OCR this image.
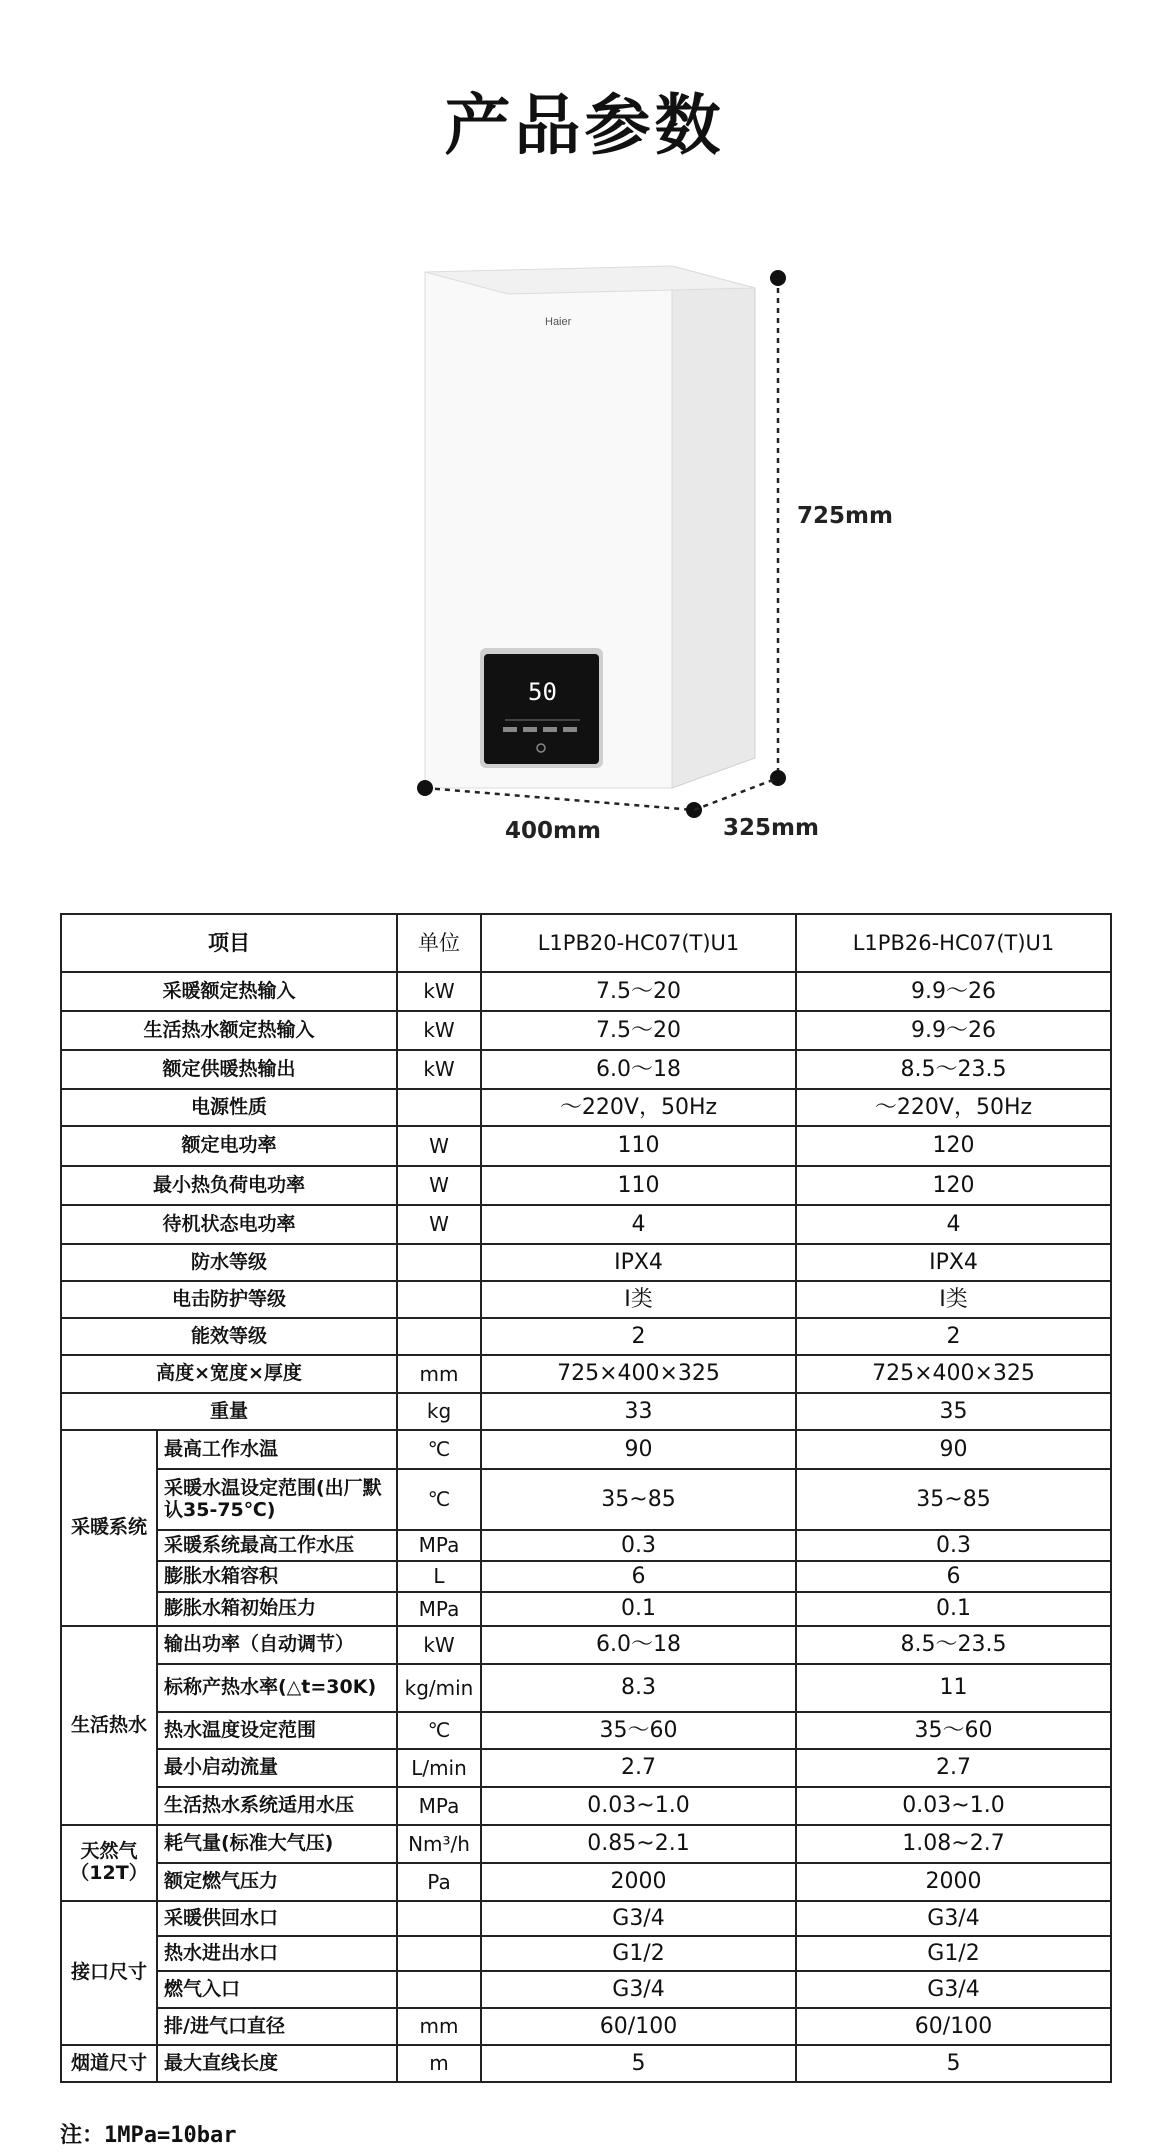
产品参数
Haier
50
725mm
400mm	325mm
项目		单位	L1PB20-HC07(T)U1	L1PB26-HC07(T)U1
采暖额定热输入		kW	7.5～20	9.9～26
生活热水额定热输入		kW	7.5～20	9.9～26
额定供暖热输出		kW	6.0～18	8.5～23.5
电源性质			～220V，50Hz	～220V，50Hz
额定电功率		W	110	120
最小热负荷电功率		W	110	120
待机状态电功率		W	4	4
防水等级			IPX4	IPX4
电击防护等级			Ⅰ类	Ⅰ类
能效等级			2	2
高度×宽度×厚度		mm	725×400×325	725×400×325
重量		kg	33	35
采暖系统	最高工作水温	℃	90	90
	采暖水温设定范围(出厂默认35-75℃)	℃	35~85	35~85
	采暖系统最高工作水压	MPa	0.3	0.3
	膨胀水箱容积	L	6	6
	膨胀水箱初始压力	MPa	0.1	0.1
生活热水	输出功率（自动调节）	kW	6.0～18	8.5～23.5
	标称产热水率(△t=30K)	kg/min	8.3	11
	热水温度设定范围	℃	35～60	35～60
	最小启动流量	L/min	2.7	2.7
	生活热水系统适用水压	MPa	0.03~1.0	0.03~1.0
天然气（12T）	耗气量(标准大气压)	Nm³/h	0.85~2.1	1.08~2.7
	额定燃气压力	Pa	2000	2000
接口尺寸	采暖供回水口		G3/4	G3/4
	热水进出水口		G1/2	G1/2
	燃气入口		G3/4	G3/4
	排/进气口直径	mm	60/100	60/100
烟道尺寸	最大直线长度	m	5	5
注：1MPa=10bar
